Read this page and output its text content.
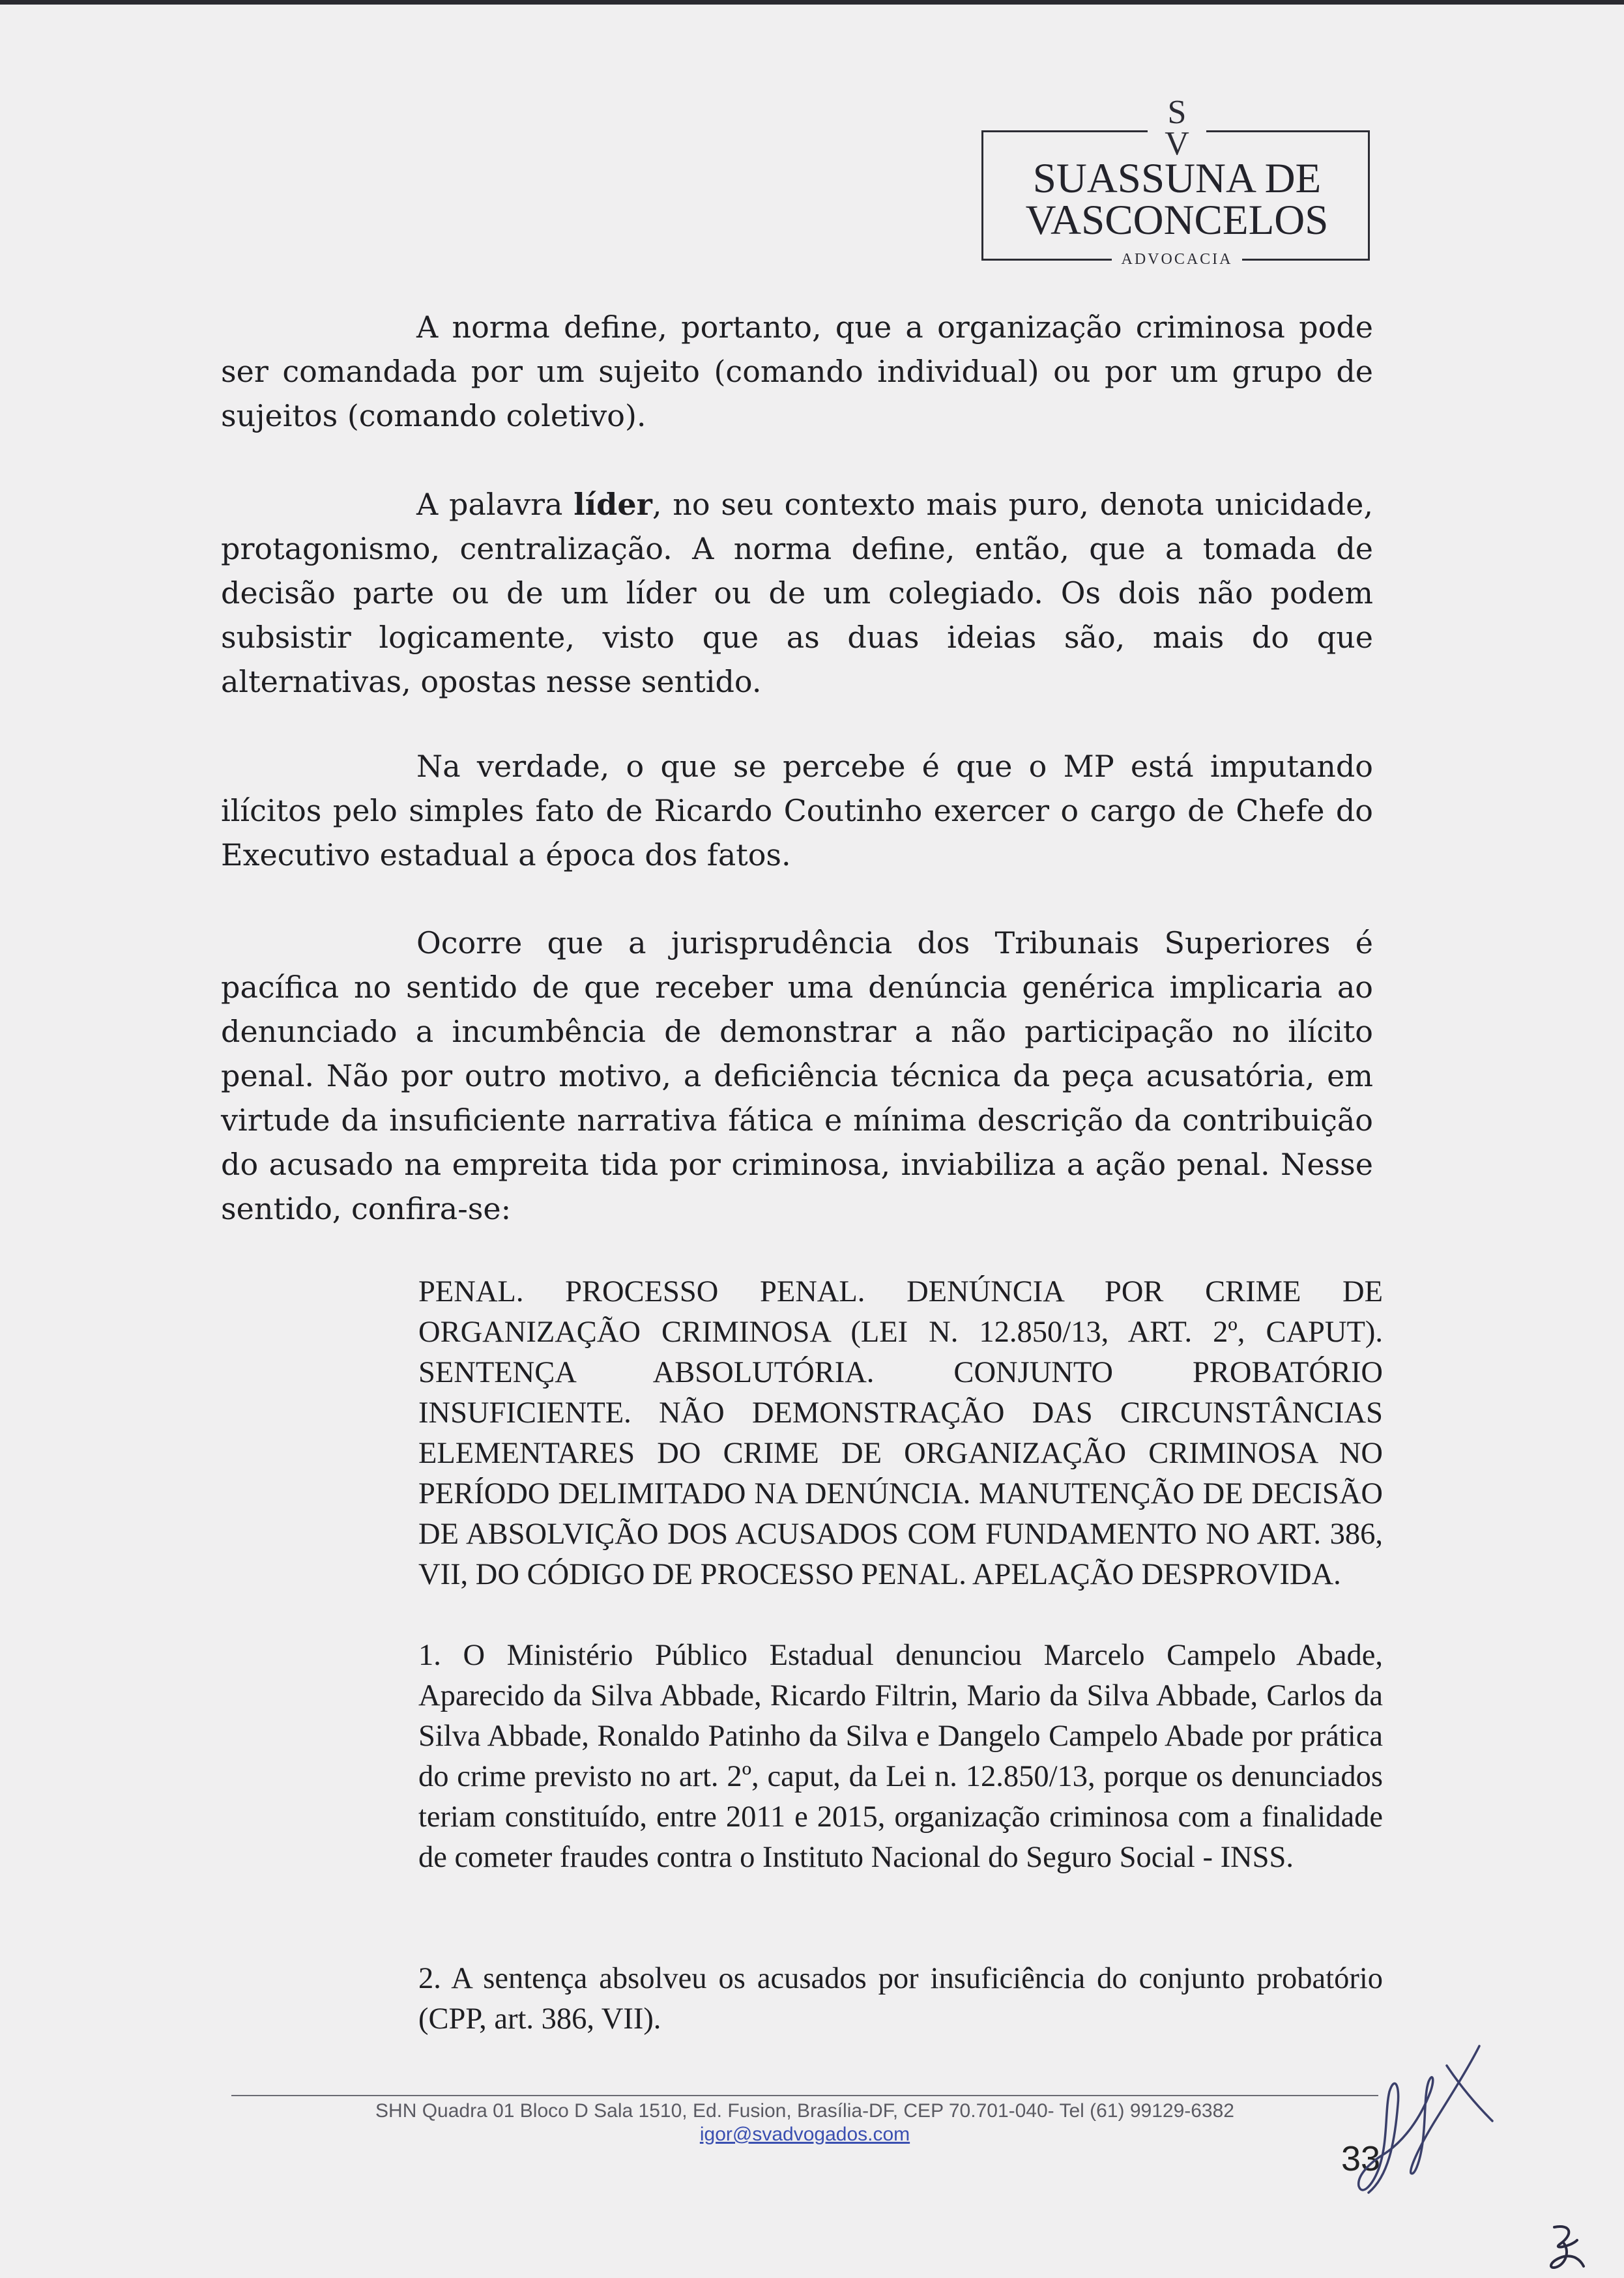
S
V
SUASSUNA DE
VASCONCELOS
ADVOCACIA

A norma define, portanto, que a organização criminosa pode ser comandada por um sujeito (comando individual) ou por um grupo de sujeitos (comando coletivo).

A palavra líder, no seu contexto mais puro, denota unicidade, protagonismo, centralização. A norma define, então, que a tomada de decisão parte ou de um líder ou de um colegiado. Os dois não podem subsistir logicamente, visto que as duas ideias são, mais do que alternativas, opostas nesse sentido.

Na verdade, o que se percebe é que o MP está imputando ilícitos pelo simples fato de Ricardo Coutinho exercer o cargo de Chefe do Executivo estadual a época dos fatos.

Ocorre que a jurisprudência dos Tribunais Superiores é pacífica no sentido de que receber uma denúncia genérica implicaria ao denunciado a incumbência de demonstrar a não participação no ilícito penal. Não por outro motivo, a deficiência técnica da peça acusatória, em virtude da insuficiente narrativa fática e mínima descrição da contribuição do acusado na empreita tida por criminosa, inviabiliza a ação penal. Nesse sentido, confira-se:

PENAL. PROCESSO PENAL. DENÚNCIA POR CRIME DE ORGANIZAÇÃO CRIMINOSA (LEI N. 12.850/13, ART. 2º, CAPUT). SENTENÇA ABSOLUTÓRIA. CONJUNTO PROBATÓRIO INSUFICIENTE. NÃO DEMONSTRAÇÃO DAS CIRCUNSTÂNCIAS ELEMENTARES DO CRIME DE ORGANIZAÇÃO CRIMINOSA NO PERÍODO DELIMITADO NA DENÚNCIA. MANUTENÇÃO DE DECISÃO DE ABSOLVIÇÃO DOS ACUSADOS COM FUNDAMENTO NO ART. 386, VII, DO CÓDIGO DE PROCESSO PENAL. APELAÇÃO DESPROVIDA.

1. O Ministério Público Estadual denunciou Marcelo Campelo Abade, Aparecido da Silva Abbade, Ricardo Filtrin, Mario da Silva Abbade, Carlos da Silva Abbade, Ronaldo Patinho da Silva e Dangelo Campelo Abade por prática do crime previsto no art. 2º, caput, da Lei n. 12.850/13, porque os denunciados teriam constituído, entre 2011 e 2015, organização criminosa com a finalidade de cometer fraudes contra o Instituto Nacional do Seguro Social - INSS.

2. A sentença absolveu os acusados por insuficiência do conjunto probatório (CPP, art. 386, VII).

SHN Quadra 01 Bloco D Sala 1510, Ed. Fusion, Brasília-DF, CEP 70.701-040- Tel (61) 99129-6382
igor@svadvogados.com
33
